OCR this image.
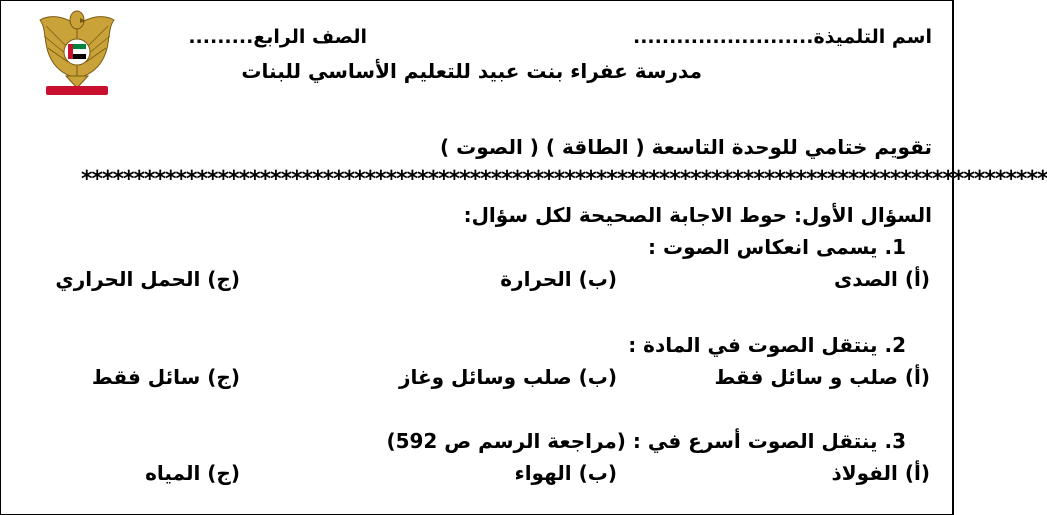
اسم التلميذة.........................
الصف الرابع.........
مدرسة عفراء بنت عبيد للتعليم الأساسي للبنات
تقويم ختامي للوحدة التاسعة ( الطاقة ) ( الصوت )
********************************************************************************************
السؤال الأول: حوط الاجابة الصحيحة لكل سؤال:
1. يسمى انعكاس الصوت :
(أ) الصدى
(ب) الحرارة
(ج) الحمل الحراري
2. ينتقل الصوت في المادة :
(أ) صلب و سائل فقط
(ب) صلب وسائل وغاز
(ج) سائل فقط
3. ينتقل الصوت أسرع في : (مراجعة الرسم ص 592)
(أ) الفولاذ
(ب) الهواء
(ج) المياه
